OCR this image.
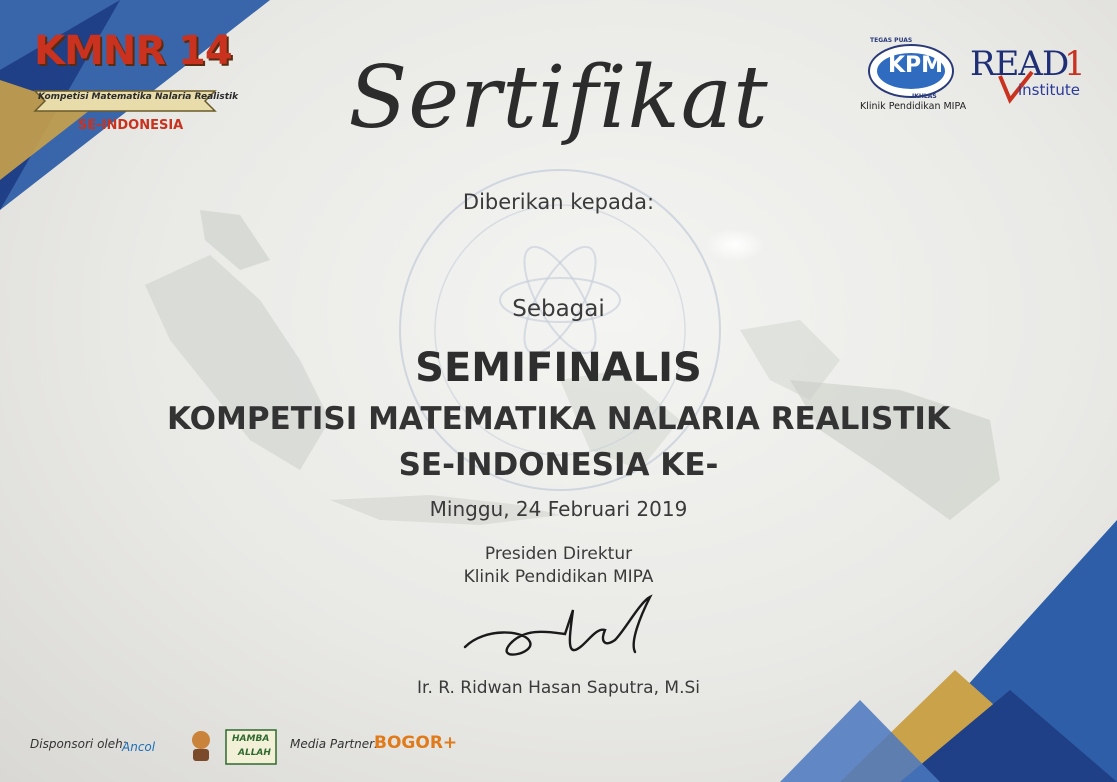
KMNR 14
Kompetisi Matematika Nalaria Realistik
SE-INDONESIA
TEGAS PUAS
KPM
IKHLAS
Klinik Pendidikan MIPA
READ
1
institute
Sertifikat
Diberikan kepada:
Sebagai
SEMIFINALIS
KOMPETISI MATEMATIKA NALARIA REALISTIK
SE-INDONESIA KE-
Minggu, 24 Februari 2019
Presiden Direktur
Klinik Pendidikan MIPA
Ir. R. Ridwan Hasan Saputra, M.Si
Disponsori oleh:
Ancol
HAMBA
ALLAH
Media Partner:
BOGOR+
